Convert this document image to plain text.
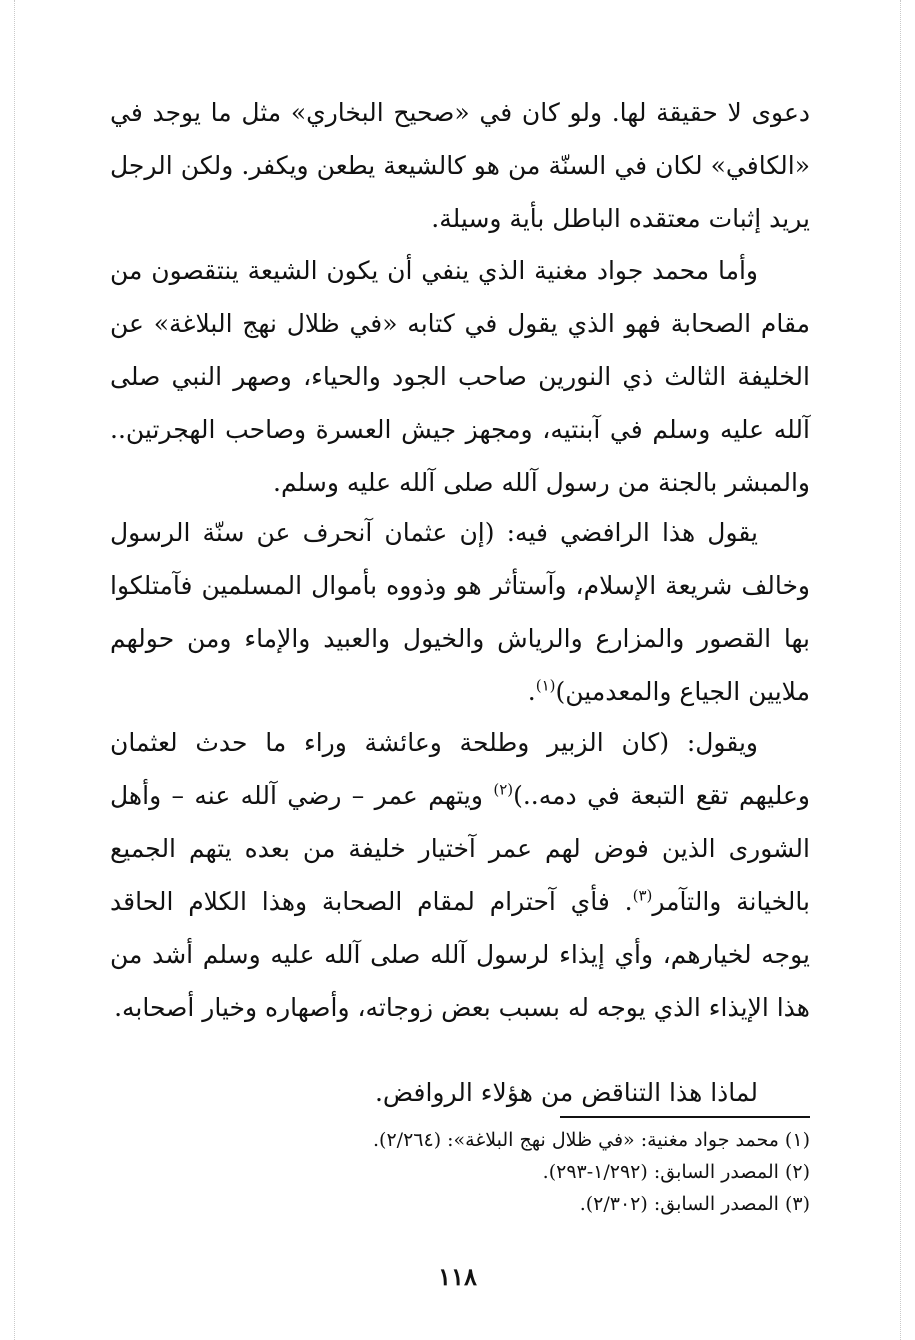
دعوى لا حقيقة لها. ولو كان في «صحيح البخاري» مثل ما يوجد في «الكافي» لكان في السنّة من هو كالشيعة يطعن ويكفر. ولكن الرجل يريد إثبات معتقده الباطل بأية وسيلة.

وأما محمد جواد مغنية الذي ينفي أن يكون الشيعة ينتقصون من مقام الصحابة فهو الذي يقول في كتابه «في ظلال نهج البلاغة» عن الخليفة الثالث ذي النورين صاحب الجود والحياء، وصهر النبي صلى آلله عليه وسلم في آبنتيه، ومجهز جيش العسرة وصاحب الهجرتين.. والمبشر بالجنة من رسول آلله صلى آلله عليه وسلم.

يقول هذا الرافضي فيه: (إن عثمان آنحرف عن سنّة الرسول وخالف شريعة الإسلام، وآستأثر هو وذووه بأموال المسلمين فآمتلكوا بها القصور والمزارع والرياش والخيول والعبيد والإماء ومن حولهم ملايين الجياع والمعدمين)$^{(١)}$.

ويقول: (كان الزبير وطلحة وعائشة وراء ما حدث لعثمان وعليهم تقع التبعة في دمه..)$^{(٢)}$ ويتهم عمر – رضي آلله عنه – وأهل الشورى الذين فوض لهم عمر آختيار خليفة من بعده يتهم الجميع بالخيانة والتآمر$^{(٣)}$. فأي آحترام لمقام الصحابة وهذا الكلام الحاقد يوجه لخيارهم، وأي إيذاء لرسول آلله صلى آلله عليه وسلم أشد من هذا الإيذاء الذي يوجه له بسبب بعض زوجاته، وأصهاره وخيار أصحابه.

لماذا هذا التناقض من هؤلاء الروافض.

(١) محمد جواد مغنية: «في ظلال نهج البلاغة»: (٢/٢٦٤).
(٢) المصدر السابق: (١/٢٩٢-٢٩٣).
(٣) المصدر السابق: (٢/٣٠٢).
١١٨
